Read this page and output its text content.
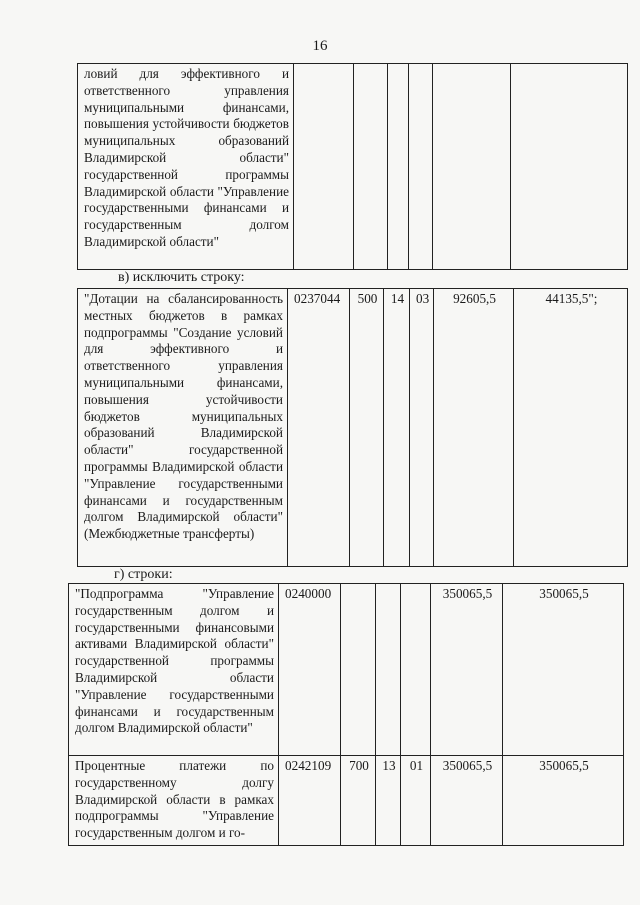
16
ловий для эффективного и ответственного управления муниципальными финансами, повышения устойчивости бюджетов муниципальных образований Владимирской области" государственной программы Владимирской области "Управление государственными финансами и государственным долгом Владимирской области"						
в) исключить строку:
"Дотации на сбалансированность местных бюджетов в рамках подпрограммы "Создание условий для эффективного и ответственного управления муниципальными финансами, повышения устойчивости бюджетов муниципальных образований Владимирской области" государственной программы Владимирской области "Управление государственными финансами и государственным долгом Владимирской области" (Межбюджетные трансферты)	0237044	500	14	03	92605,5	44135,5";
г) строки:
"Подпрограмма "Управление государственным долгом и государственными финансовыми активами Владимирской области" государственной программы Владимирской области "Управление государственными финансами и государственным долгом Владимирской области"	0240000				350065,5	350065,5
Процентные платежи по государственному долгу Владимирской области в рамках подпрограммы "Управление государственным долгом и го-	0242109	700	13	01	350065,5	350065,5
